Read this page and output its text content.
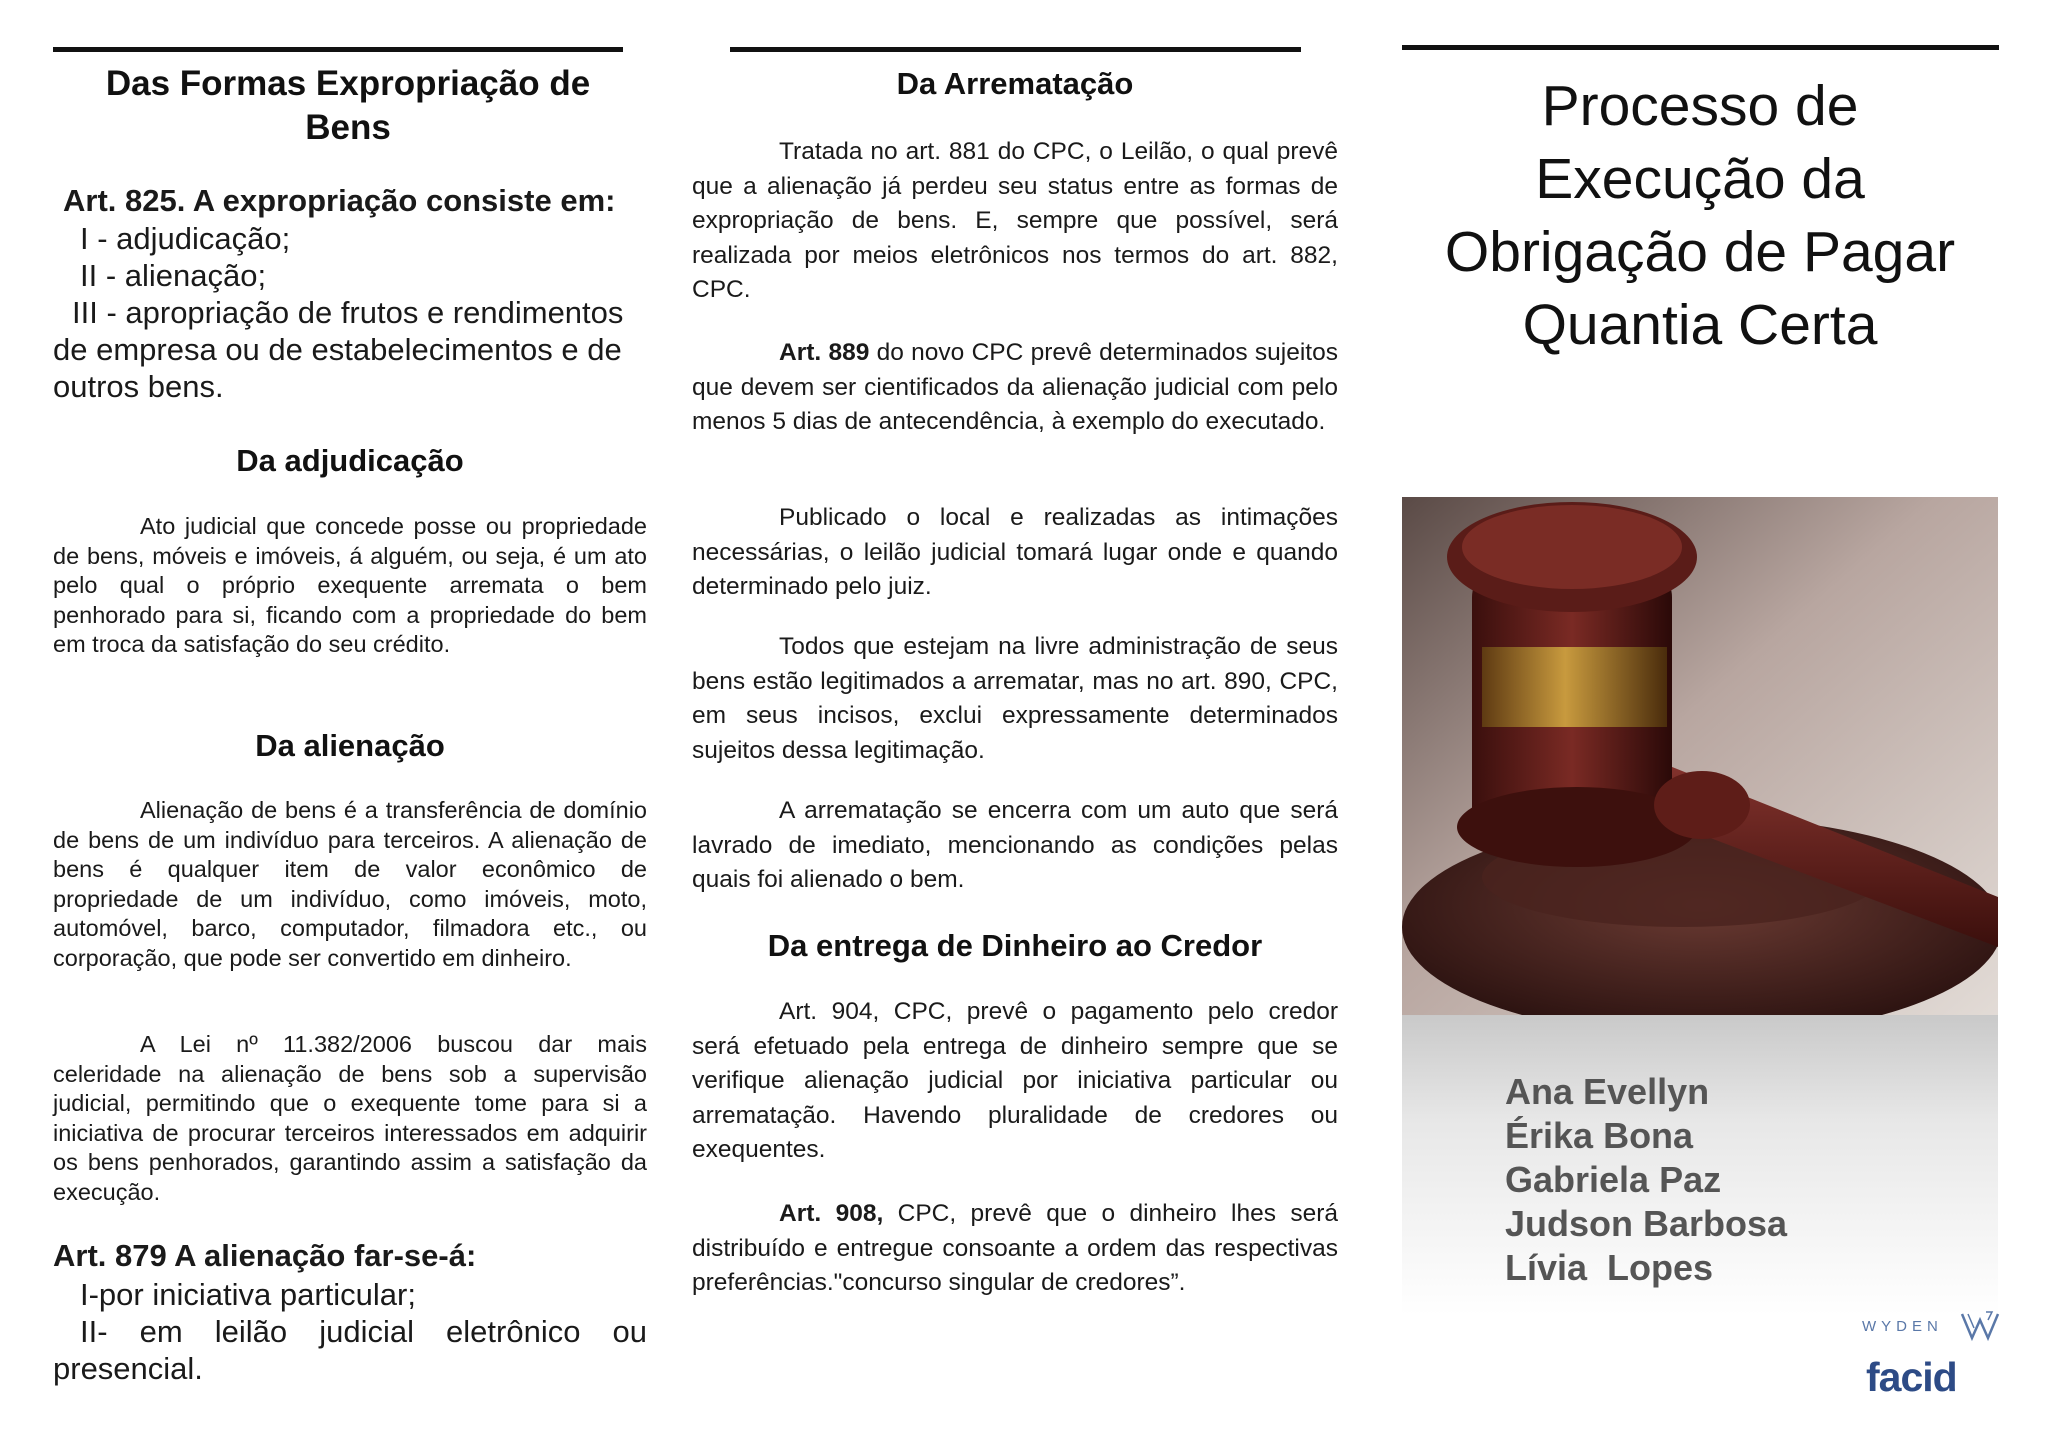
Das Formas Expropriação de Bens
Art. 825. A expropriação consiste em:
I - adjudicação;
II - alienação;
III - apropriação de frutos e rendimentos
de empresa ou de estabelecimentos e de
outros bens.
Da adjudicação

Ato judicial que concede posse ou propriedade de bens, móveis e imóveis, á alguém, ou seja, é um ato pelo qual o próprio exequente arremata o bem penhorado para si, ficando com a propriedade do bem em troca da satisfação do seu crédito.

Da alienação

Alienação de bens é a transferência de domínio de bens de um indivíduo para terceiros. A alienação de bens é qualquer item de valor econômico de propriedade de um indivíduo, como imóveis, moto, automóvel, barco, computador, filmadora etc., ou corporação, que pode ser convertido em dinheiro.

A Lei nº 11.382/2006 buscou dar mais celeridade na alienação de bens sob a supervisão judicial, permitindo que o exequente tome para si a iniciativa de procurar terceiros interessados em adquirir os bens penhorados, garantindo assim a satisfação da execução.

Art. 879 A alienação far-se-á:
I-por iniciativa particular;
II- em leilão judicial eletrônico ou presencial.
Da Arrematação

Tratada no art. 881 do CPC, o Leilão, o qual prevê que a alienação já perdeu seu status entre as formas de expropriação de bens. E, sempre que possível, será realizada por meios eletrônicos nos termos do art. 882, CPC.

Art. 889 do novo CPC prevê determinados sujeitos que devem ser cientificados da alienação judicial com pelo menos 5 dias de antecendência, à exemplo do executado.

Publicado o local e realizadas as intimações necessárias, o leilão judicial tomará lugar onde e quando determinado pelo juiz.

Todos que estejam na livre administração de seus bens estão legitimados a arrematar, mas no art. 890, CPC, em seus incisos, exclui expressamente determinados sujeitos dessa legitimação.

A arrematação se encerra com um auto que será lavrado de imediato, mencionando as condições pelas quais foi alienado o bem.

Da entrega de Dinheiro ao Credor

Art. 904, CPC, prevê o pagamento pelo credor será efetuado pela entrega de dinheiro sempre que se verifique alienação judicial por iniciativa particular ou arrematação. Havendo pluralidade de credores ou exequentes.

Art. 908, CPC, prevê que o dinheiro lhes será distribuído e entregue consoante a ordem das respectivas preferências."concurso singular de credores”.

Processo de
Execução da
Obrigação de Pagar
Quantia Certa
Ana Evellyn
Érika Bona
Gabriela Paz
Judson Barbosa
Lívia  Lopes
WYDEN
facid
